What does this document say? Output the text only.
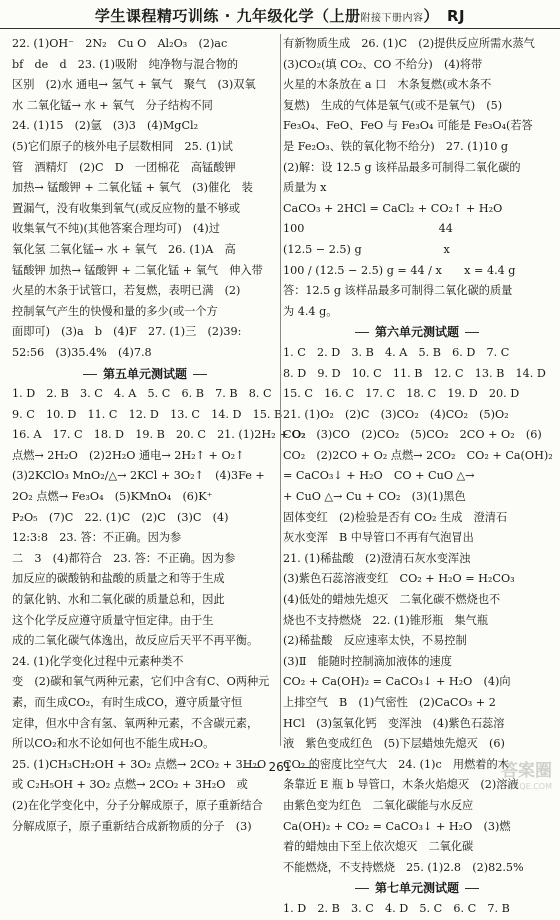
学生课程精巧训练 · 九年级化学（上册附接下册内容）　RJ
22. (1)OH⁻　2N₂　Cu O　Al₂O₃　(2)ac
bf　de　d　23. (1)吸附　纯净物与混合物的
区别　(2)水 通电→ 氢气 + 氧气　聚气　(3)双氧
水 二氧化锰→ 水 + 氧气　分子结构不同
24. (1)15　(2)氩　(3)3　(4)MgCl₂
(5)它们原子的核外电子层数相同　25. (1)试
管　酒精灯　(2)C　D　一团棉花　高锰酸钾
加热→ 锰酸钾 + 二氧化锰 + 氧气　(3)催化　装
置漏气，没有收集到氧气(或反应物的量不够或
收集氧气不纯)(其他答案合理均可)　(4)过
氧化氢 二氧化锰→ 水 + 氧气　26. (1)A　高
锰酸钾 加热→ 锰酸钾 + 二氧化锰 + 氧气　伸入带
火星的木条于试管口，若复燃，表明已满　(2)
控制氧气产生的快慢和量的多少(或一个方
面即可)　(3)a　b　(4)F　27. (1)三　(2)39:
52:56　(3)35.4%　(4)7.8
第五单元测试题
1. D　2. B　3. C　4. A　5. C　6. B　7. B　8. C
9. C　10. D　11. C　12. D　13. C　14. D　15. B
16. A　17. C　18. D　19. B　20. C　21. (1)2H₂ + O₂
点燃→ 2H₂O　(2)2H₂O 通电→ 2H₂↑ + O₂↑
(3)2KClO₃ MnO₂/△→ 2KCl + 3O₂↑　(4)3Fe +
2O₂ 点燃→ Fe₃O₄　(5)KMnO₄　(6)K⁺
P₂O₅　(7)C　22. (1)C　(2)C　(3)C　(4)
12:3:8　23. 答：不正确。因为参
二　3　(4)都符合　23. 答：不正确。因为参
加反应的碳酸钠和盐酸的质量之和等于生成
的氯化钠、水和二氧化碳的质量总和，因此
这个化学反应遵守质量守恒定律。由于生
成的二氧化碳气体逸出，故反应后天平不再平衡。
24. (1)化学变化过程中元素种类不
变　(2)碳和氧气两种元素，它们中含有C、O两种元
素，而生成CO₂，有时生成CO，遵守质量守恒
定律，但水中含有氢、氧两种元素，不含碳元素，
所以CO₂和水不论如何也不能生成H₂O。
25. (1)CH₃CH₂OH + 3O₂ 点燃→ 2CO₂ + 3H₂O
或 C₂H₅OH + 3O₂ 点燃→ 2CO₂ + 3H₂O　或
(2)在化学变化中，分子分解成原子，原子重新结合
分解成原子，原子重新结合成新物质的分子　(3)
有新物质生成　26. (1)C　(2)提供反应所需水蒸气
(3)CO₂(填 CO₂、CO 不给分)　(4)将带
火星的木条放在 a 口　木条复燃(或木条不
复燃)　生成的气体是氧气(或不是氧气)　(5)
Fe₃O₄、FeO、FeO 与 Fe₃O₄ 可能是 Fe₃O₄(若答
是 Fe₂O₃、铁的氧化物不给分)　27. (1)10 g
(2)解：设 12.5 g 该样品最多可制得二氧化碳的
质量为 x
CaCO₃ + 2HCl = CaCl₂ + CO₂↑ + H₂O
100　　　　　　　　　　　　44
(12.5 − 2.5) g　　　　　　　 x
100 / (12.5 − 2.5) g = 44 / x　　x = 4.4 g
答：12.5 g 该样品最多可制得二氧化碳的质量
为 4.4 g。
第六单元测试题
1. C　2. D　3. B　4. A　5. B　6. D　7. C
8. D　9. D　10. C　11. B　12. C　13. B　14. D
15. C　16. C　17. C　18. C　19. D　20. D
21. (1)O₂　(2)C　(3)CO₂　(4)CO₂　(5)O₂
CO₂　(3)CO　(2)CO₂　(5)CO₂　2CO + O₂　(6)
CO₂　(2)2CO + O₂ 点燃→ 2CO₂　CO₂ + Ca(OH)₂
= CaCO₃↓ + H₂O　CO + CuO △→
+ CuO △→ Cu + CO₂　(3)(1)黑色
固体变红　(2)检验是否有 CO₂ 生成　澄清石
灰水变浑　B 中导管口不再有气泡冒出
21. (1)稀盐酸　(2)澄清石灰水变浑浊
(3)紫色石蕊溶液变红　CO₂ + H₂O = H₂CO₃
(4)低处的蜡烛先熄灭　二氧化碳不燃烧也不
烧也不支持燃烧　22. (1)锥形瓶　集气瓶
(2)稀盐酸　反应速率太快，不易控制
(3)Ⅱ　能随时控制滴加液体的速度
CO₂ + Ca(OH)₂ = CaCO₃↓ + H₂O　(4)向
上排空气　B　(1)气密性　(2)CaCO₃ + 2
HCl　(3)氢氧化钙　变浑浊　(4)紫色石蕊溶
液　紫色变成红色　(5)下层蜡烛先熄灭　(6)
CO₂ 的密度比空气大　24. (1)c　用燃着的木
条靠近 E 瓶 b 导管口，木条火焰熄灭　(2)溶液
由紫色变为红色　二氧化碳能与水反应
Ca(OH)₂ + CO₂ = CaCO₃↓ + H₂O　(3)燃
着的蜡烛由下至上依次熄灭　二氧化碳
不能燃烧，不支持燃烧　25. (1)2.8　(2)82.5%
第七单元测试题
1. D　2. B　3. C　4. D　5. C　6. C　7. B
261	答案圈
MXQE.COM
